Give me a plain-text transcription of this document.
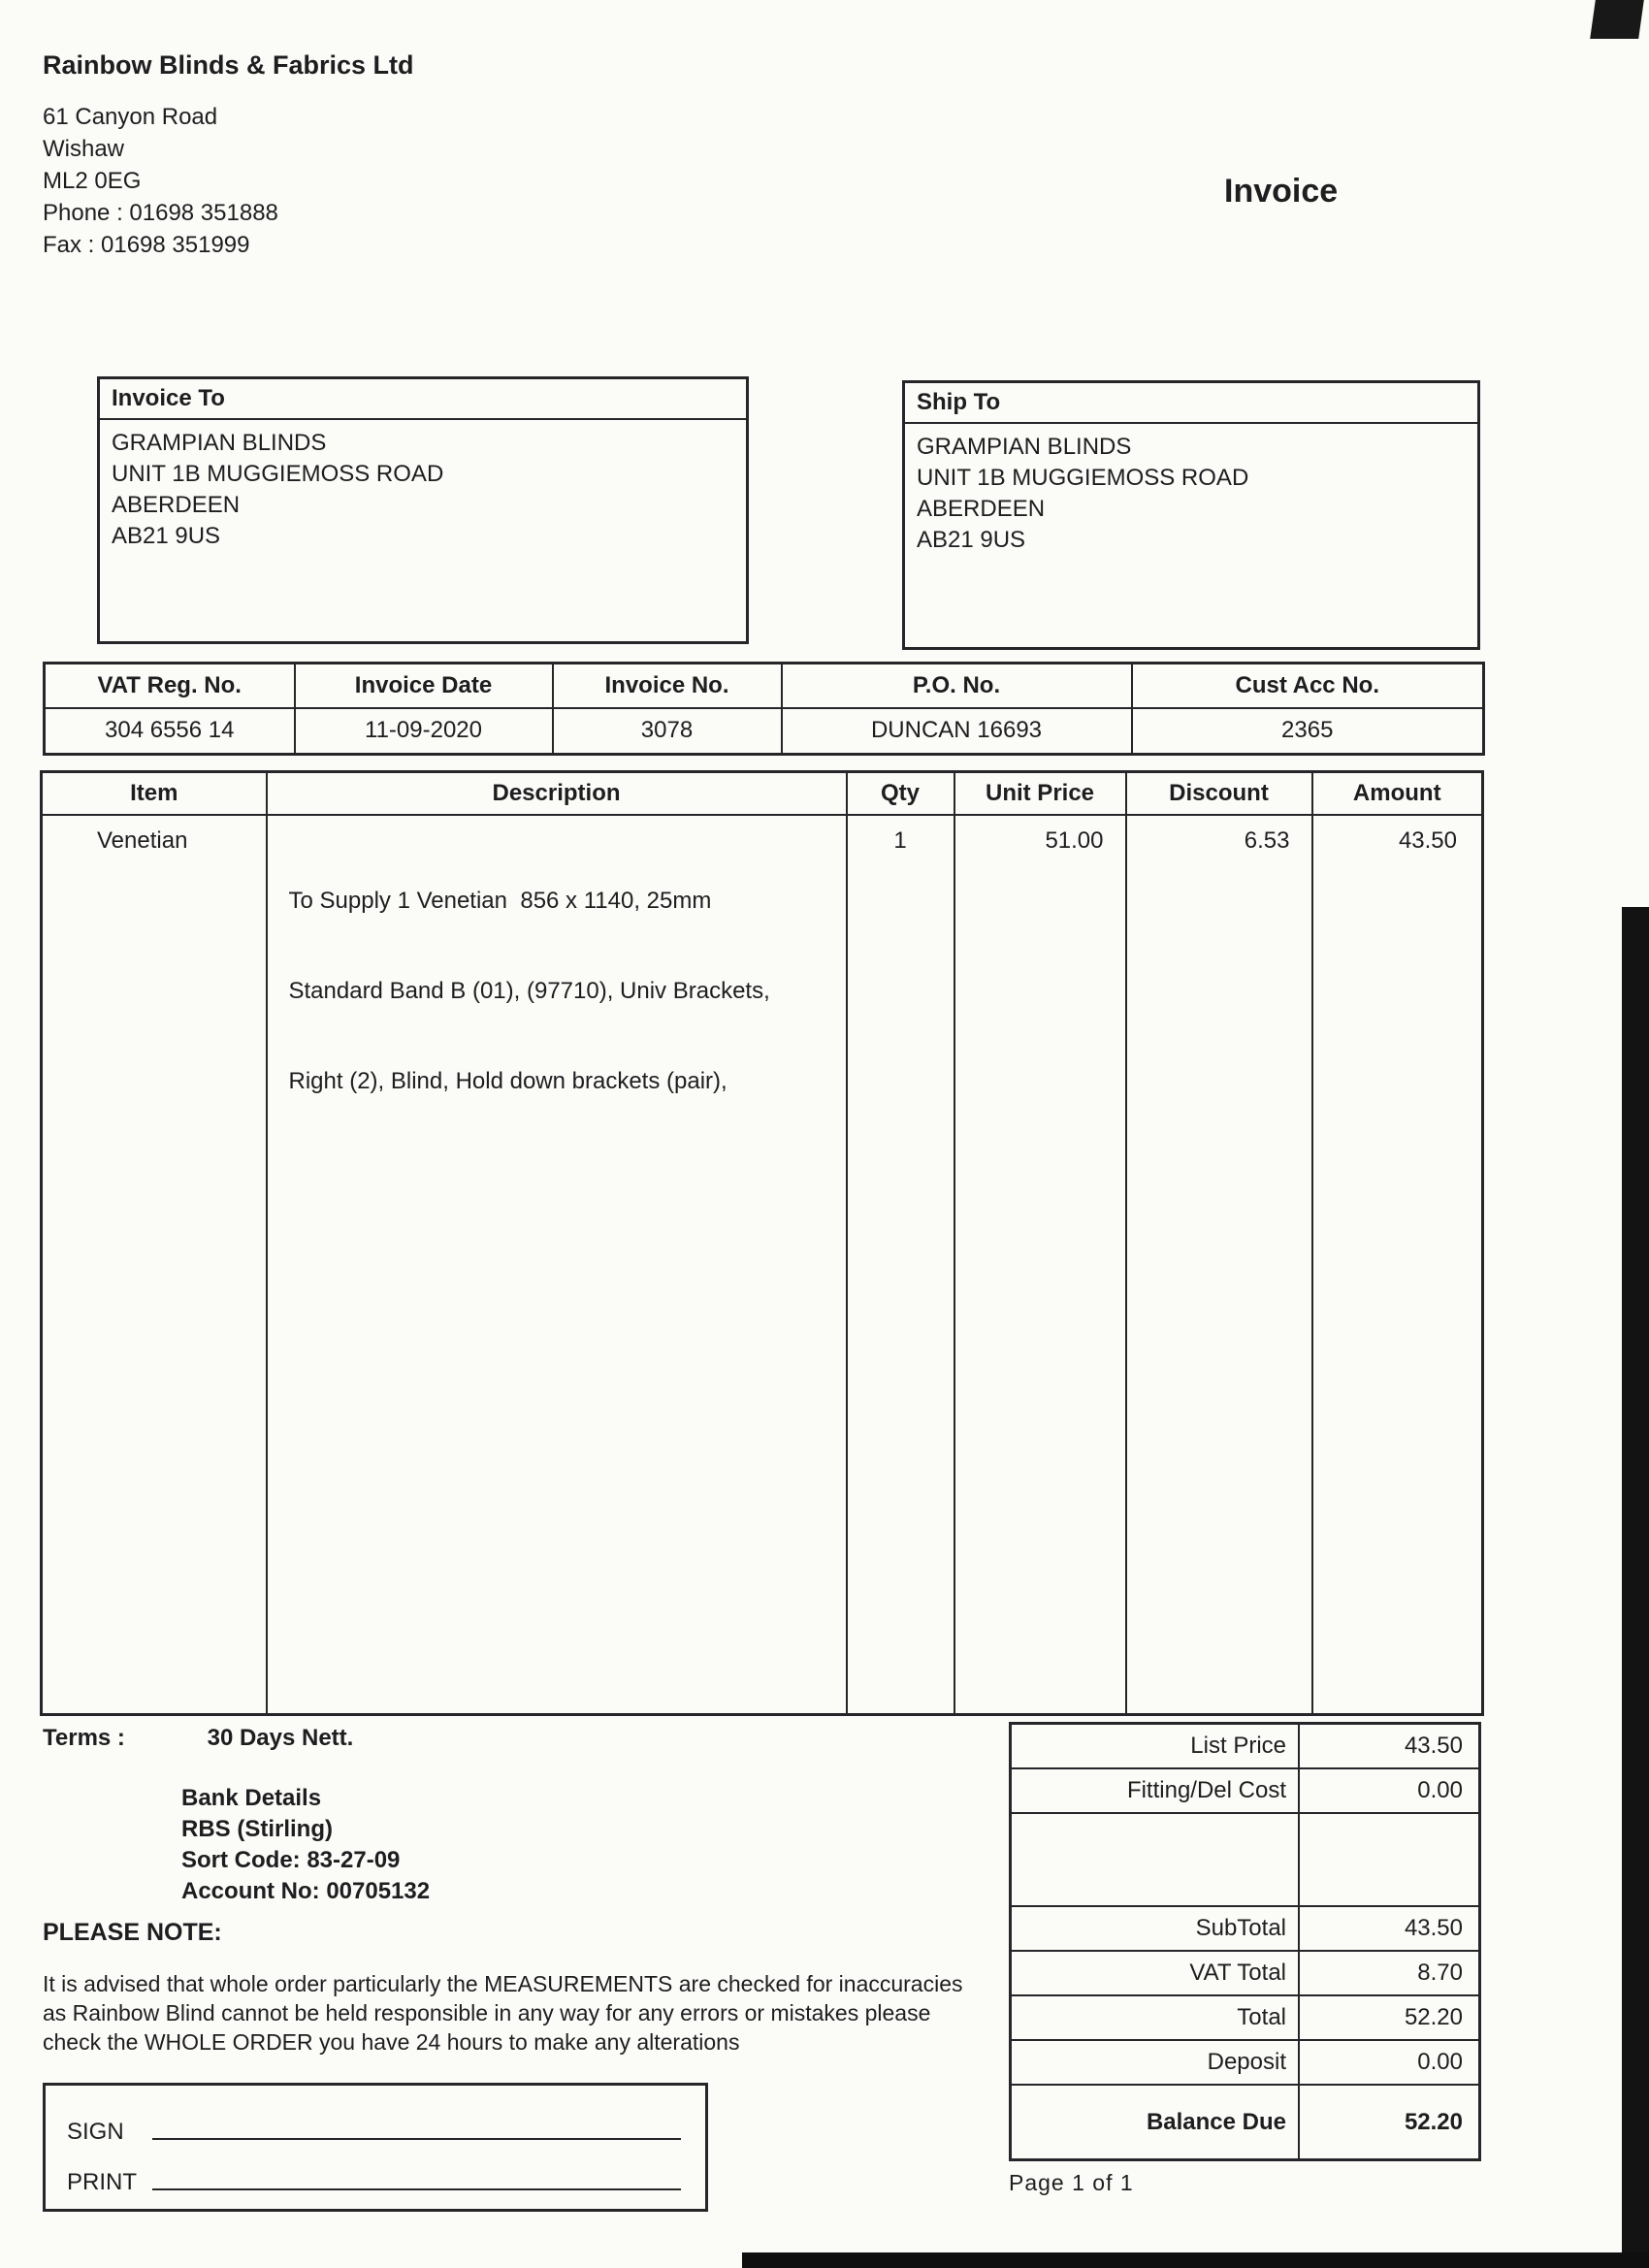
Rainbow Blinds & Fabrics Ltd
61 Canyon Road
Wishaw
ML2 0EG
Phone : 01698 351888
Fax : 01698 351999
Invoice
Invoice To
GRAMPIAN BLINDS
UNIT 1B MUGGIEMOSS ROAD
ABERDEEN
AB21 9US
Ship To
GRAMPIAN BLINDS
UNIT 1B MUGGIEMOSS ROAD
ABERDEEN
AB21 9US
VAT Reg. No.	Invoice Date	Invoice No.	P.O. No.	Cust Acc No.
304 6556 14	11-09-2020	3078	DUNCAN 16693	2365
Item	Description	Qty	Unit Price	Discount	Amount
Venetian	To Supply 1 Venetian  856 x 1140, 25mm

Standard Band B (01), (97710), Univ Brackets,

Right (2), Blind, Hold down brackets (pair),	1	51.00	6.53	43.50
Terms :	30 Days Nett.
Bank Details
RBS (Stirling)
Sort Code: 83-27-09
Account No: 00705132
PLEASE NOTE:
It is advised that whole order particularly the MEASUREMENTS are checked for inaccuracies as Rainbow Blind cannot be held responsible in any way for any errors or mistakes please check the WHOLE ORDER you have 24 hours to make any alterations
List Price	43.50
Fitting/Del Cost	0.00
SubTotal	43.50
VAT Total	8.70
Total	52.20
Deposit	0.00
Balance Due	52.20
SIGN
PRINT	Page 1 of 1
